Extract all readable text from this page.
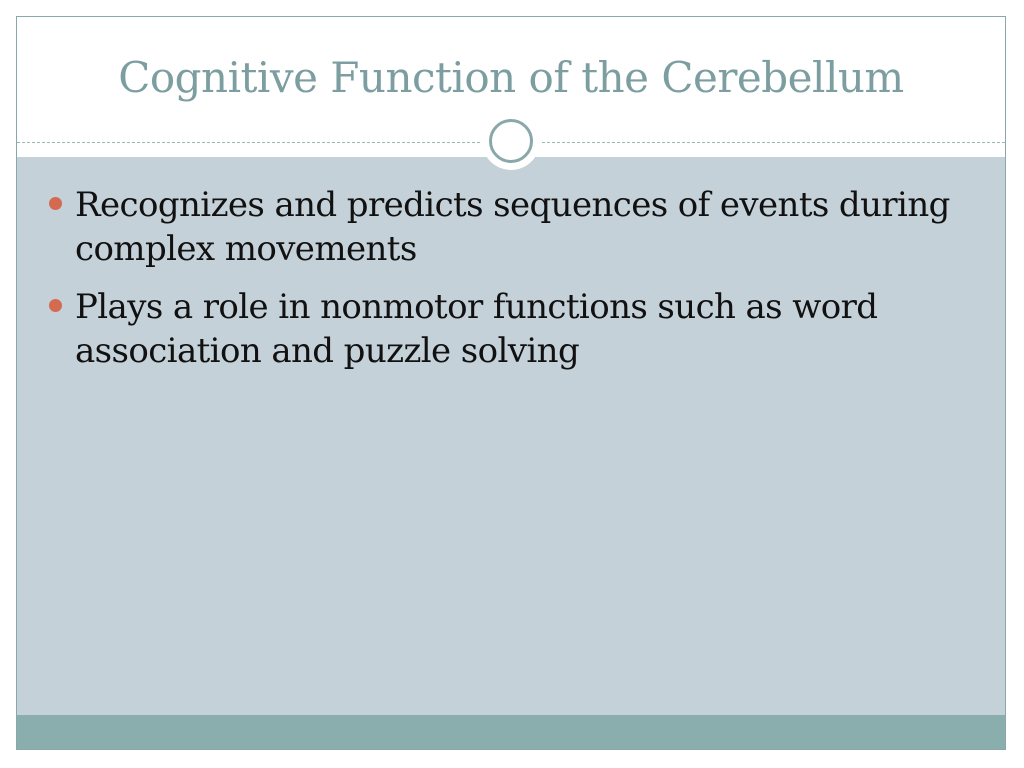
Cognitive Function of the Cerebellum
Recognizes and predicts sequences of events during complex movements
Plays a role in nonmotor functions such as word association and puzzle solving
